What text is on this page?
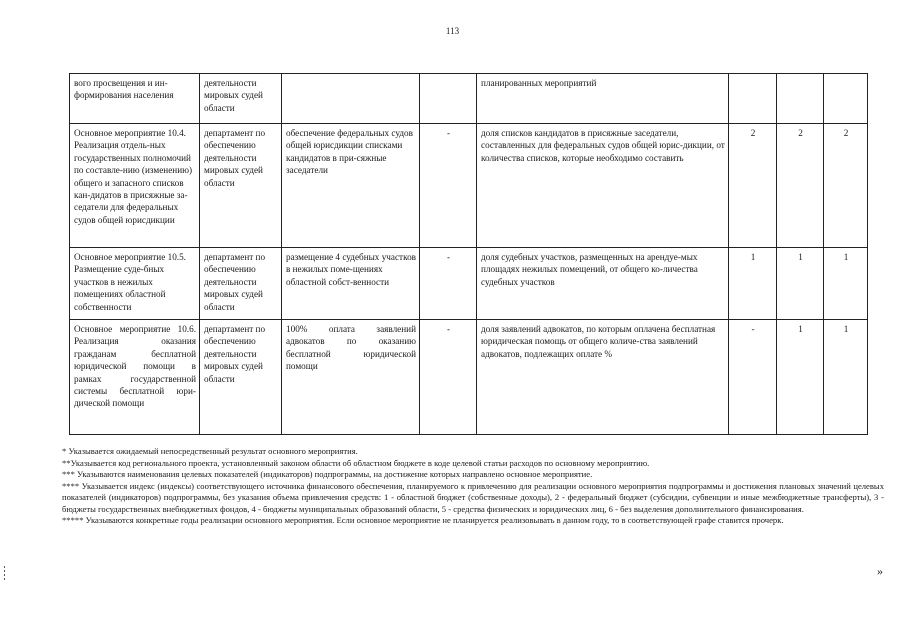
113
вого просвещения и ин-формирования населения	деятельности мировых судей области			планированных мероприятий			
Основное мероприятие 10.4. Реализация отдель-ных государственных полномочий по составле-нию (изменению) общего и запасного списков кан-дидатов в присяжные за-седатели для федеральных судов общей юрисдикции	департамент по обеспечению деятельности мировых судей области	обеспечение федеральных судов общей юрисдикции списками кандидатов в при-сяжные заседатели	-	доля списков кандидатов в присяжные заседатели, составленных для федеральных судов общей юрис-дикции, от количества списков, которые необходимо составить	2	2	2
Основное мероприятие 10.5. Размещение суде-бных участков в нежилых помещениях областной собственности	департамент по обеспечению деятельности мировых судей области	размещение 4 судебных участков в нежилых поме-щениях областной собст-венности	-	доля судебных участков, размещенных на арендуе-мых площадях нежилых помещений, от общего ко-личества судебных участков	1	1	1
Основное мероприятие 10.6. Реализация оказания гражданам бесплатной юридической помощи в рамках государственной системы бесплатной юри-дической помощи	департамент по обеспечению деятельности мировых судей области	100% оплата заявлений адвокатов по оказанию бесплатной юридической помощи	-	доля заявлений адвокатов, по которым оплачена бесплатная юридическая помощь от общего количе-ства заявлений адвокатов, подлежащих оплате %	-	1	1

* Указывается ожидаемый непосредственный результат основного мероприятия.

**Указывается код регионального проекта, установленный законом области об областном бюджете в коде целевой статьи расходов по основному мероприятию.

*** Указываются наименования целевых показателей (индикаторов) подпрограммы, на достижение которых направлено основное мероприятие.

**** Указывается индекс (индексы) соответствующего источника финансового обеспечения, планируемого к привлечению для реализации основного мероприятия подпрограммы и достижения плановых значений целевых показателей (индикаторов) подпрограммы, без указания объема привлечения средств: 1 - областной бюджет (собственные доходы), 2 - федеральный бюджет (субсидии, субвенции и иные межбюджетные трансферты), 3 - бюджеты государственных внебюджетных фондов, 4 - бюджеты муниципальных образований области, 5 - средства физических и юридических лиц, 6 - без выделения дополнительного финансирования.

***** Указываются конкретные годы реализации основного мероприятия. Если основное мероприятие не планируется реализовывать в данном году, то в соответствующей графе ставится прочерк.

»
